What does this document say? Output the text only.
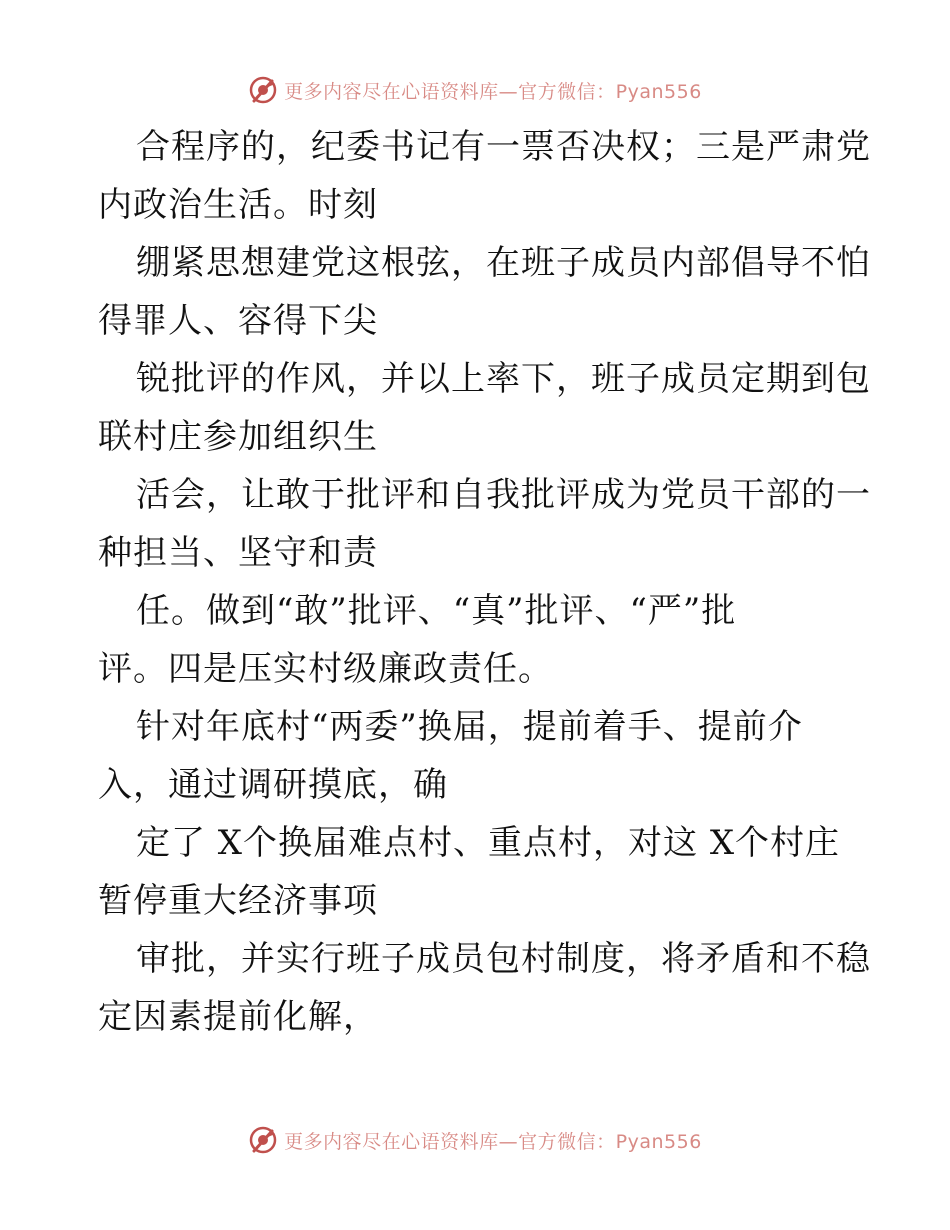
更多内容尽在心语资料库—官方微信：Pyan556
合程序的，纪委书记有一票否决权；三是严肃党
内政治生活。时刻
绷紧思想建党这根弦，在班子成员内部倡导不怕
得罪人、容得下尖
锐批评的作风，并以上率下，班子成员定期到包
联村庄参加组织生
活会，让敢于批评和自我批评成为党员干部的一
种担当、坚守和责
任。做到“敢”批评、“真”批评、“严”批
评。四是压实村级廉政责任。
针对年底村“两委”换届，提前着手、提前介
入，通过调研摸底，确
定了 X个换届难点村、重点村，对这 X个村庄
暂停重大经济事项
审批，并实行班子成员包村制度，将矛盾和不稳
定因素提前化解，
更多内容尽在心语资料库—官方微信：Pyan556
